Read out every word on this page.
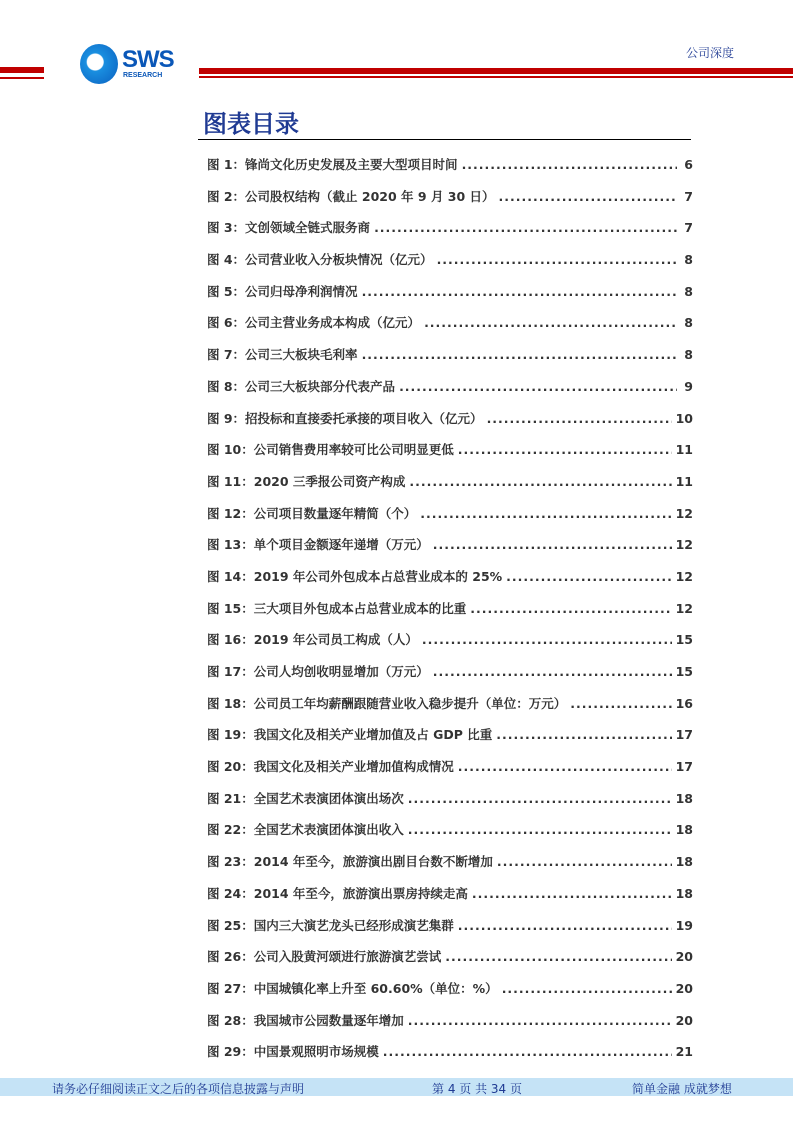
SWS
RESEARCH
公司深度
图表目录
图 1：锋尚文化历史发展及主要大型项目时间 .....	6
图 2：公司股权结构（截止 2020 年 9 月 30 日） .....	7
图 3：文创领域全链式服务商 .....	7
图 4：公司营业收入分板块情况（亿元） .....	8
图 5：公司归母净利润情况 .....	8
图 6：公司主营业务成本构成（亿元） .....	8
图 7：公司三大板块毛利率 .....	8
图 8：公司三大板块部分代表产品 .....	9
图 9：招投标和直接委托承接的项目收入（亿元） .....	10
图 10：公司销售费用率较可比公司明显更低 .....	11
图 11：2020 三季报公司资产构成 .....	11
图 12：公司项目数量逐年精简（个） .....	12
图 13：单个项目金额逐年递增（万元） .....	12
图 14：2019 年公司外包成本占总营业成本的 25% .....	12
图 15：三大项目外包成本占总营业成本的比重 .....	12
图 16：2019 年公司员工构成（人） .....	15
图 17：公司人均创收明显增加（万元） .....	15
图 18：公司员工年均薪酬跟随营业收入稳步提升（单位：万元） .....	16
图 19：我国文化及相关产业增加值及占 GDP 比重 .....	17
图 20：我国文化及相关产业增加值构成情况 .....	17
图 21：全国艺术表演团体演出场次 .....	18
图 22：全国艺术表演团体演出收入 .....	18
图 23：2014 年至今，旅游演出剧目台数不断增加 .....	18
图 24：2014 年至今，旅游演出票房持续走高 .....	18
图 25：国内三大演艺龙头已经形成演艺集群 .....	19
图 26：公司入股黄河颂进行旅游演艺尝试 .....	20
图 27：中国城镇化率上升至 60.60%（单位：%） .....	20
图 28：我国城市公园数量逐年增加 .....	20
图 29：中国景观照明市场规模 .....	21
请务必仔细阅读正文之后的各项信息披露与声明	第 4 页 共 34 页	简单金融 成就梦想
